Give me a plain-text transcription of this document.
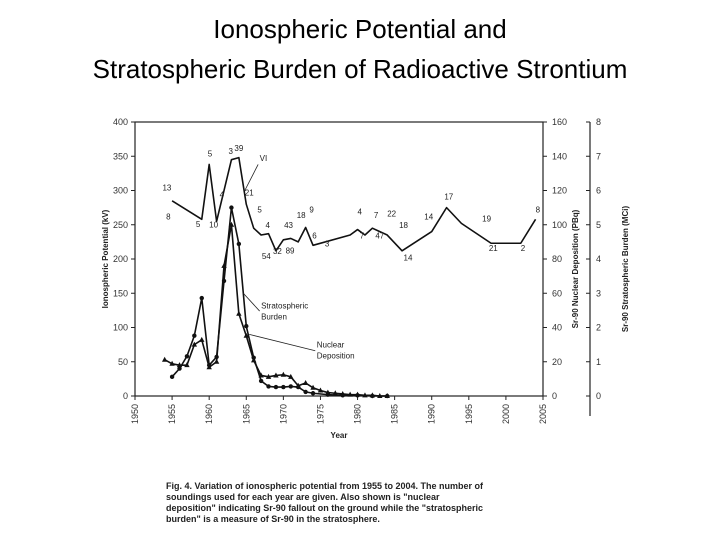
Ionospheric Potential and
Stratospheric Burden of Radioactive Strontium
1950	1955	1960	1965	1970	1975	1980	1985	1990	1995	2000	2005
0
50
100
150
200
250
300
350
400
0
20
40
60
80
100
120
140
160
0
1
2
3
4
5
6
7
8
Year
Ionospheric Potential (kV)	Sr-90 Nuclear Deposition (PBq)	Sr-90 Stratospheric Burden (MCi)
13
8
5
5
10
4
3 39
21
5
4
54
32
43
89
18
9
6
3
4
7
7
47
22
18
14
14
17
19
21	2
8
VI
Stratospheric
Burden
Nuclear
Deposition
Fig. 4. Variation of ionospheric potential from 1955 to 2004. The number of
soundings used for each year are given. Also shown is "nuclear
deposition" indicating Sr-90 fallout on the ground while the "stratospheric
burden" is a measure of Sr-90 in the stratosphere.
